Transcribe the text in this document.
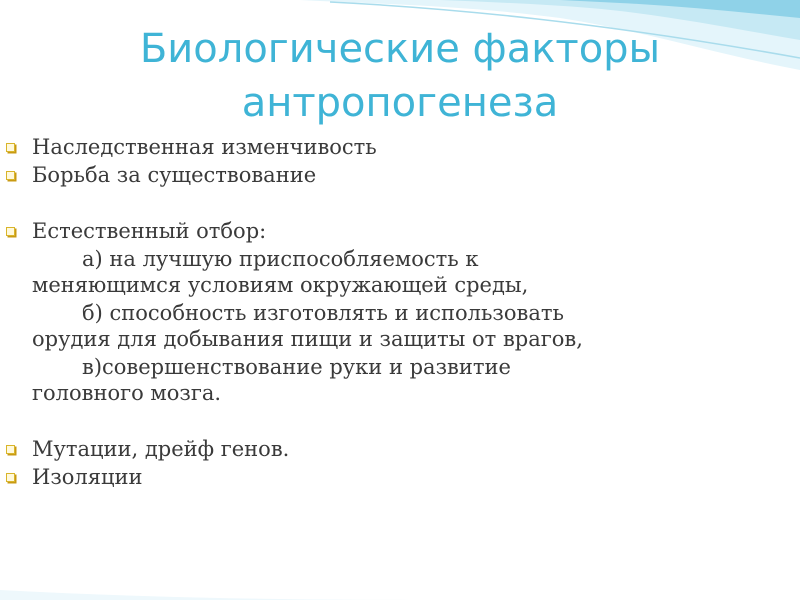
Биологические факторы
антропогенеза
Наследственная изменчивость
Борьба за существование
Естественный отбор:
а) на лучшую приспособляемость к
меняющимся условиям окружающей среды,
б) способность изготовлять и использовать
орудия для добывания пищи и защиты от врагов,
в)совершенствование руки и развитие
головного мозга.
Мутации, дрейф генов.
Изоляции
